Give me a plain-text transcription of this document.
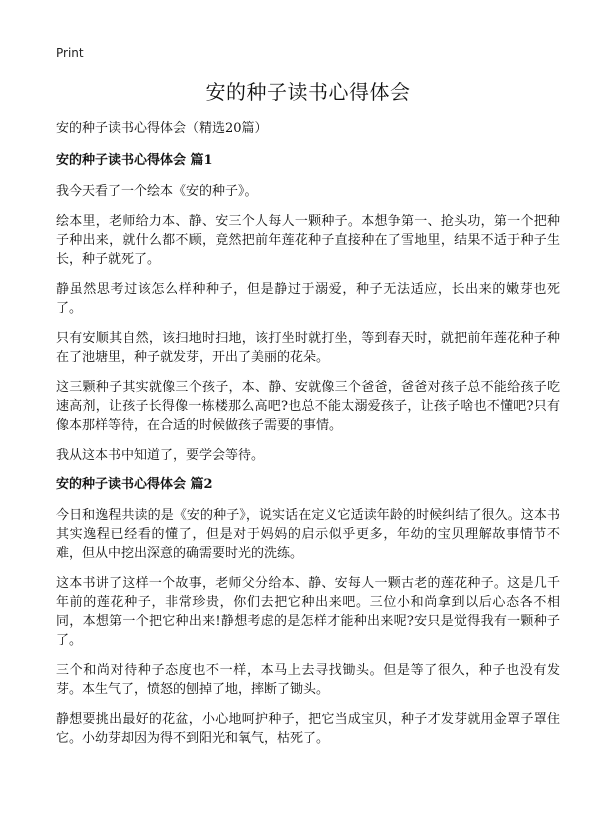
Print
安的种子读书心得体会

安的种子读书心得体会（精选20篇）

安的种子读书心得体会 篇1

我今天看了一个绘本《安的种子》。

绘本里，老师给力本、静、安三个人每人一颗种子。本想争第一、抢头功，第一个把种子种出来，就什么都不顾，竟然把前年莲花种子直接种在了雪地里，结果不适于种子生长，种子就死了。

静虽然思考过该怎么样种种子，但是静过于溺爱，种子无法适应，长出来的嫩芽也死了。

只有安顺其自然，该扫地时扫地，该打坐时就打坐，等到春天时，就把前年莲花种子种在了池塘里，种子就发芽，开出了美丽的花朵。

这三颗种子其实就像三个孩子，本、静、安就像三个爸爸，爸爸对孩子总不能给孩子吃速高剂，让孩子长得像一栋楼那么高吧?也总不能太溺爱孩子，让孩子啥也不懂吧?只有像本那样等待，在合适的时候做孩子需要的事情。

我从这本书中知道了，要学会等待。

安的种子读书心得体会 篇2

今日和逸程共读的是《安的种子》，说实话在定义它适读年龄的时候纠结了很久。这本书其实逸程已经看的懂了，但是对于妈妈的启示似乎更多，年幼的宝贝理解故事情节不难，但从中挖出深意的确需要时光的洗练。

这本书讲了这样一个故事，老师父分给本、静、安每人一颗古老的莲花种子。这是几千年前的莲花种子，非常珍贵，你们去把它种出来吧。三位小和尚拿到以后心态各不相同，本想第一个把它种出来!静想考虑的是怎样才能种出来呢?安只是觉得我有一颗种子了。

三个和尚对待种子态度也不一样，本马上去寻找锄头。但是等了很久，种子也没有发芽。本生气了，愤怒的刨掉了地，摔断了锄头。

静想要挑出最好的花盆，小心地呵护种子，把它当成宝贝，种子才发芽就用金罩子罩住它。小幼芽却因为得不到阳光和氧气，枯死了。
